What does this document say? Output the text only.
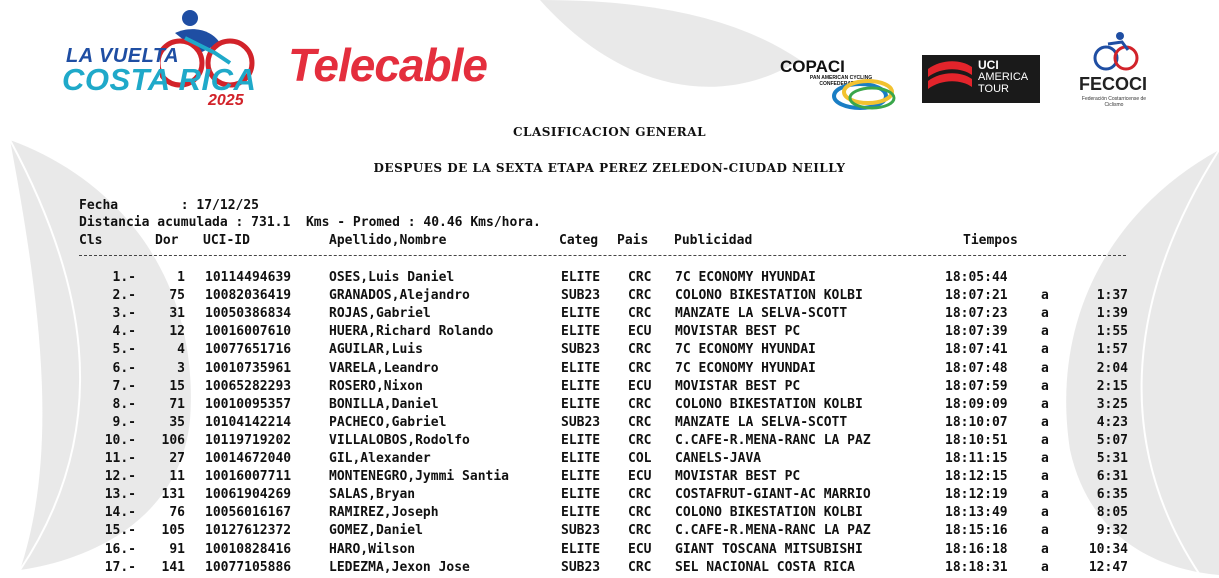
LA VUELTA
COSTA RICA
2025
Telecable	COPACI
PAN AMERICAN CYCLING CONFEDERATION
UCI
AMERICA
TOUR	FECOCI
Federación Costarricense de Ciclismo
CLASIFICACION GENERAL
DESPUES DE LA SEXTA ETAPA PEREZ ZELEDON-CIUDAD NEILLY
Fecha        : 17/12/25
Distancia acumulada : 731.1  Kms - Promed : 40.46 Kms/hora.
Cls	Dor UCI-ID	Apellido,Nombre	Categ Pais Publicidad	Tiempos
1.-	1 10114494639	OSES,Luis Daniel	ELITE CRC 7C ECONOMY HYUNDAI	18:05:44
2.-	75 10082036419	GRANADOS,Alejandro	SUB23 CRC COLONO BIKESTATION KOLBI	18:07:21	a	1:37
3.-	31 10050386834	ROJAS,Gabriel	ELITE CRC MANZATE LA SELVA-SCOTT	18:07:23	a	1:39
4.-	12 10016007610	HUERA,Richard Rolando	ELITE ECU MOVISTAR BEST PC	18:07:39	a	1:55
5.-	4 10077651716	AGUILAR,Luis	SUB23 CRC 7C ECONOMY HYUNDAI	18:07:41	a	1:57
6.-	3 10010735961	VARELA,Leandro	ELITE CRC 7C ECONOMY HYUNDAI	18:07:48	a	2:04
7.-	15 10065282293	ROSERO,Nixon	ELITE ECU MOVISTAR BEST PC	18:07:59	a	2:15
8.-	71 10010095357	BONILLA,Daniel	ELITE CRC COLONO BIKESTATION KOLBI	18:09:09	a	3:25
9.-	35 10104142214	PACHECO,Gabriel	SUB23 CRC MANZATE LA SELVA-SCOTT	18:10:07	a	4:23
10.-	106 10119719202	VILLALOBOS,Rodolfo	ELITE CRC C.CAFE-R.MENA-RANC LA PAZ	18:10:51	a	5:07
11.-	27 10014672040	GIL,Alexander	ELITE COL CANELS-JAVA	18:11:15	a	5:31
12.-	11 10016007711	MONTENEGRO,Jymmi Santia	ELITE ECU MOVISTAR BEST PC	18:12:15	a	6:31
13.-	131 10061904269	SALAS,Bryan	ELITE CRC COSTAFRUT-GIANT-AC MARRIO	18:12:19	a	6:35
14.-	76 10056016167	RAMIREZ,Joseph	ELITE CRC COLONO BIKESTATION KOLBI	18:13:49	a	8:05
15.-	105 10127612372	GOMEZ,Daniel	SUB23 CRC C.CAFE-R.MENA-RANC LA PAZ	18:15:16	a	9:32
16.-	91 10010828416	HARO,Wilson	ELITE ECU GIANT TOSCANA MITSUBISHI	18:16:18	a	10:34
17.-	141 10077105886	LEDEZMA,Jexon Jose	SUB23 CRC SEL NACIONAL COSTA RICA	18:18:31	a	12:47
